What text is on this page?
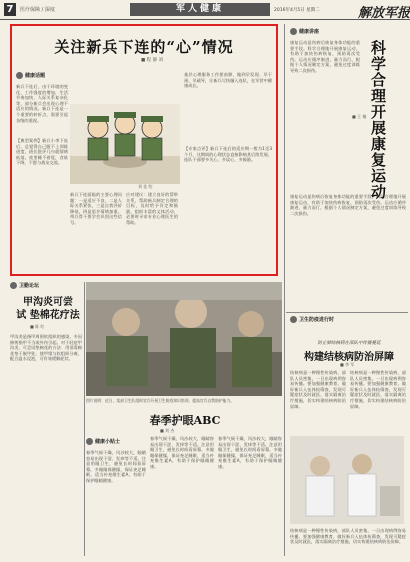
7	医疗保障 / 深度	军人健康	2016年4月5日 星期二	解放军报
关注新兵下连的“心”情况
■ 程 静 刘
健康话题
新兵下连后，由于环境的变化，工作强度的增加，生活节奏加快，人际关系复杂化等，部分新兵会出现心理不适应的情况。新兵下连是一个重要的转折点，需要引起各级的重视。
【典型案例】新兵小李下连后，总觉得自己跟不上训练进度，班长批评几句就情绪低落，夜里睡不着觉，食欲下降，不愿与战友交流。
刘 佳 绘
新兵下连面临的主要心理问题：一是适应不良，二是人际关系紧张，三是自我评价降低，四是思乡情绪加重。带兵骨干要学会识别这些信号。
应对建议：建立良好的帮带关系，帮助新兵制定合理的目标，及时给予肯定和鼓励，组织丰富的文体活动，必要时寻求专业心理医生的帮助。
基层心理服务工作要前移，做到早发现、早干预、早疏导，让新兵尽快融入连队，在军营中健康成长。
【专家点评】新兵下连后的适应期一般为1至3个月，这期间的心理状态直接影响其后续发展。连队干部要多关心、多谈心、多鼓励。
健康讲座
康复运动是伤病后恢复身体功能的重要手段。科学合理地开展康复运动，有助于加快伤病恢复，预防再次受伤。运动应循序渐进，量力而行，根据个人情况制定方案，避免过度训练导致二次损伤。	科学合理开展康复运动
■ 王 楠
康复运动是伤病后恢复身体功能的重要手段。科学合理地开展康复运动，有助于加快伤病恢复，预防再次受伤。运动应循序渐进，量力而行，根据个人情况制定方案，避免过度训练导致二次损伤。
卫勤论坛
甲沟炎可尝试 垫棉花疗法
■ 陈 红
甲沟炎是指甲周围软组织的感染，多因修剪指甲不当或外伤引起。对于轻症甲沟炎，可尝试垫棉花的方法：用消毒棉花垫于嵌甲处，使甲缘与软组织分离，配合温水浸泡，可有效缓解症状。
图片说明：近日，某部卫生队组织官兵开展卫生防疫知识培训，提高官兵自我防护能力。
春季护眼ABC
■ 刘 杰
健康小贴士
春季气候干燥，风沙较大，眼睛容易出现干涩、发痒等不适。注意用眼卫生，避免长时间看屏幕，多做眼保健操，保证充足睡眠，适当补充维生素A，有助于保护眼睛健康。
春季气候干燥，风沙较大，眼睛容易出现干涩、发痒等不适。注意用眼卫生，避免长时间看屏幕，多做眼保健操，保证充足睡眠，适当补充维生素A，有助于保护眼睛健康。
春季气候干燥，风沙较大，眼睛容易出现干涩、发痒等不适。注意用眼卫生，避免长时间看屏幕，多做眼保健操，保证充足睡眠，适当补充维生素A，有助于保护眼睛健康。
卫生防疫进行时
防止肺结核病在部队中传播蔓延
构建结核病防治屏障
■ 李 军
结核病是一种慢性传染病，部队人员密集，一旦出现病例容易传播。要加强健康教育，做好新兵入伍体检筛查，发现可疑症状及时就医，落实隔离治疗措施，切实构建结核病防治屏障。
结核病是一种慢性传染病，部队人员密集，一旦出现病例容易传播。要加强健康教育，做好新兵入伍体检筛查，发现可疑症状及时就医，落实隔离治疗措施，切实构建结核病防治屏障。
结核病是一种慢性传染病，部队人员密集，一旦出现病例容易传播。要加强健康教育，做好新兵入伍体检筛查，发现可疑症状及时就医，落实隔离治疗措施，切实构建结核病防治屏障。
